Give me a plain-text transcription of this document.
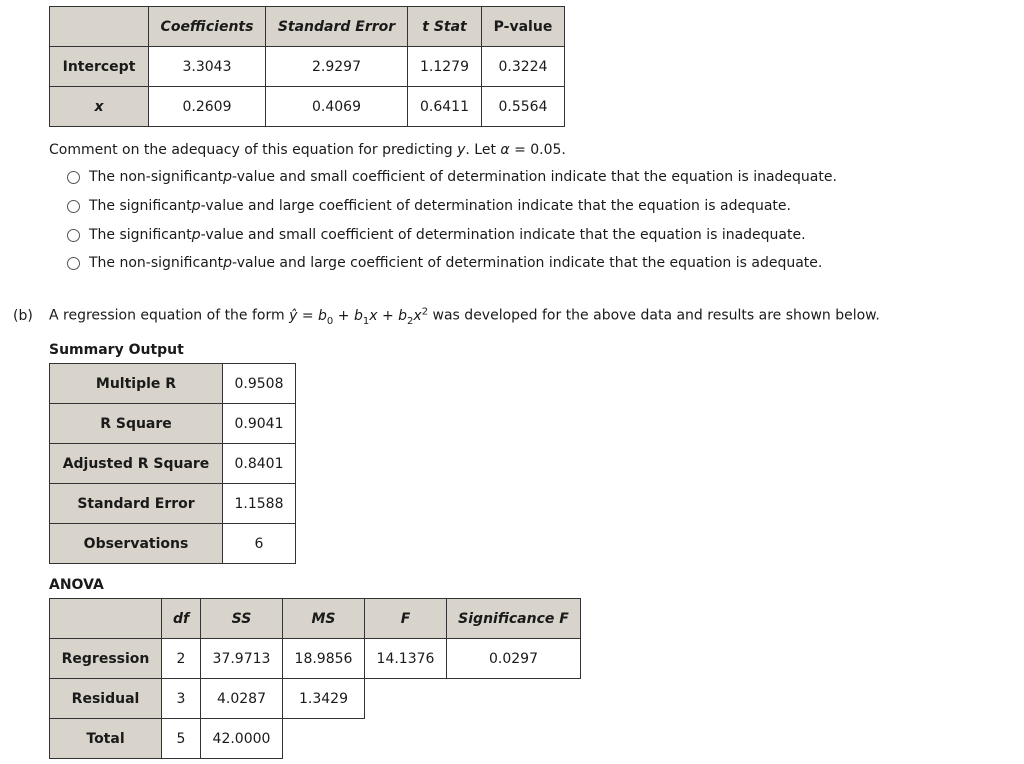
	Coefficients	Standard Error	t Stat	P-value
Intercept	3.3043	2.9297	1.1279	0.3224
x	0.2609	0.4069	0.6411	0.5564
Comment on the adequacy of this equation for predicting y. Let α = 0.05.
The non-significant p -value and small coefficient of determination indicate that the equation is inadequate.
The significant p -value and large coefficient of determination indicate that the equation is adequate.
The significant p -value and small coefficient of determination indicate that the equation is inadequate.
The non-significant p -value and large coefficient of determination indicate that the equation is adequate.
(b) A regression equation of the form ŷ = $b_0 + b_1x + b_2x^2$ was developed for the above data and results are shown below.
Summary Output
Multiple R	0.9508
R Square	0.9041
Adjusted R Square	0.8401
Standard Error	1.1588
Observations	6
ANOVA
	df	SS	MS	F	Significance F
Regression	2	37.9713	18.9856	14.1376	0.0297
Residual	3	4.0287	1.3429		
Total	5	42.0000			
